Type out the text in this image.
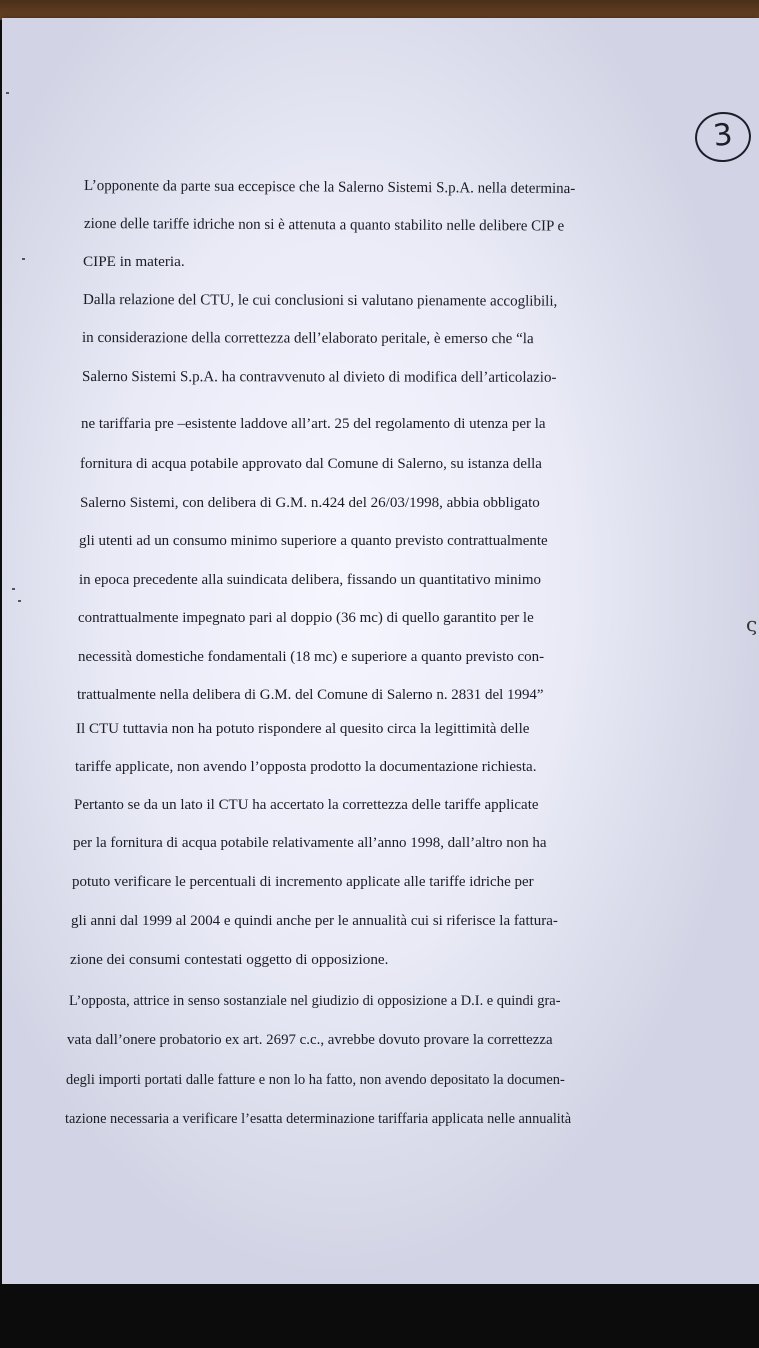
3
L’opponente da parte sua eccepisce che la Salerno Sistemi S.p.A. nella determina-
zione delle tariffe idriche non si è attenuta a quanto stabilito nelle delibere CIP e
CIPE in materia.
Dalla relazione del CTU, le cui conclusioni si valutano pienamente accoglibili,
in considerazione della correttezza dell’elaborato peritale, è emerso che “la
Salerno Sistemi S.p.A. ha contravvenuto al divieto di modifica dell’articolazio-
ne tariffaria pre –esistente laddove all’art. 25 del regolamento di utenza per la
fornitura di acqua potabile approvato dal Comune di Salerno, su istanza della
Salerno Sistemi, con delibera di G.M. n.424 del 26/03/1998, abbia obbligato
gli utenti ad un consumo minimo superiore a quanto previsto contrattualmente
in epoca precedente alla suindicata delibera, fissando un quantitativo minimo
contrattualmente impegnato pari al doppio (36 mc) di quello garantito per le
necessità domestiche fondamentali (18 mc) e superiore a quanto previsto con-
trattualmente nella delibera di G.M. del Comune di Salerno n. 2831 del 1994”
Il CTU tuttavia non ha potuto rispondere al quesito circa la legittimità delle
tariffe applicate, non avendo l’opposta prodotto la documentazione richiesta.
Pertanto se da un lato il CTU ha accertato la correttezza delle tariffe applicate
per la fornitura di acqua potabile relativamente all’anno 1998, dall’altro non ha
potuto verificare le percentuali di incremento applicate alle tariffe idriche per
gli anni dal 1999 al 2004 e quindi anche per le annualità cui si riferisce la fattura-
zione dei consumi contestati oggetto di opposizione.
L’opposta, attrice in senso sostanziale nel giudizio di opposizione a D.I. e quindi gra-
vata dall’onere probatorio ex art. 2697 c.c., avrebbe dovuto provare la correttezza
degli importi portati dalle fatture e non lo ha fatto, non avendo depositato la documen-
tazione necessaria a verificare l’esatta determinazione tariffaria applicata nelle annualità
ς
